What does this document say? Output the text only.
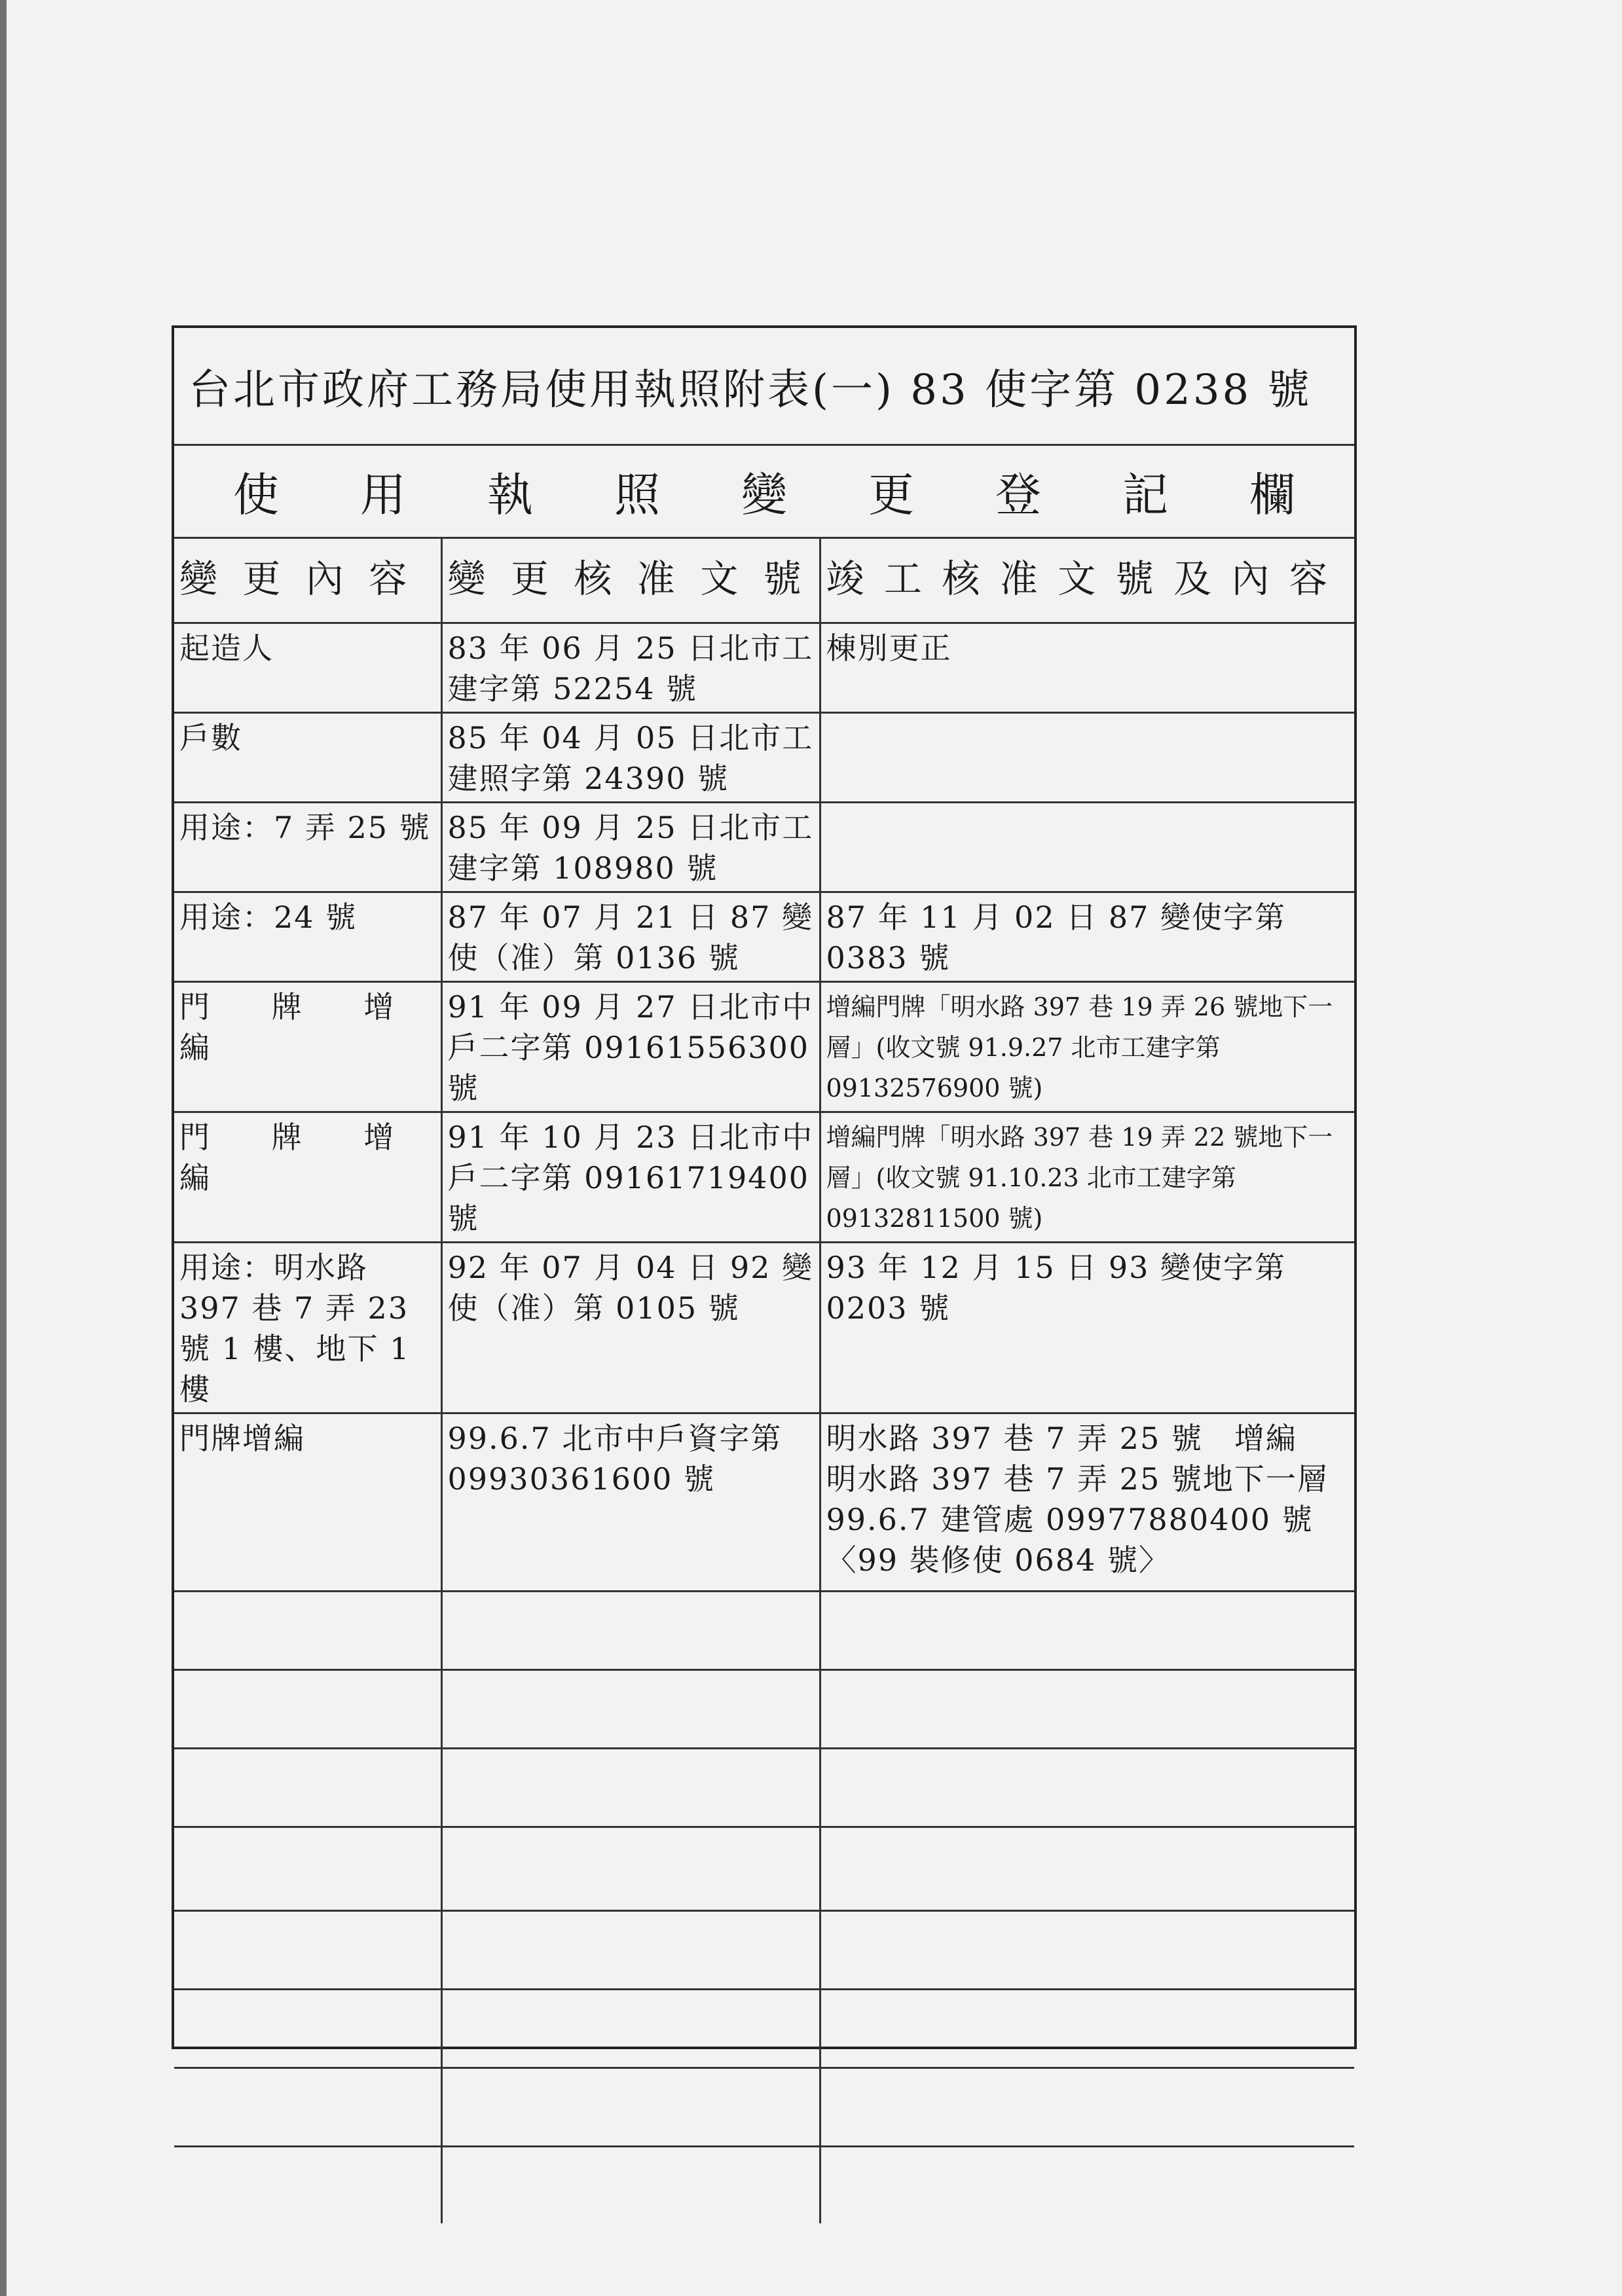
台北市政府工務局使用執照附表(一) 83 使字第 0238 號
使 用 執 照 變 更 登 記 欄
變 更 內 容	變 更 核 准 文 號	竣 工 核 准 文 號 及 內 容
起造人	83 年 06 月 25 日北市工建字第 52254 號	棟別更正
戶數	85 年 04 月 05 日北市工建照字第 24390 號	
用途：7 弄 25 號	85 年 09 月 25 日北市工建字第 108980 號	
用途：24 號	87 年 07 月 21 日 87 變使（准）第 0136 號	87 年 11 月 02 日 87 變使字第 0383 號

門 牌 增 編	91 年 09 月 27 日北市中戶二字第 09161556300 號	增編門牌「明水路 397 巷 19 弄 26 號地下一層」(收文號 91.9.27 北市工建字第 09132576900 號)

門 牌 增 編	91 年 10 月 23 日北市中戶二字第 09161719400 號	增編門牌「明水路 397 巷 19 弄 22 號地下一層」(收文號 91.10.23 北市工建字第 09132811500 號)
用途：明水路 397 巷 7 弄 23 號 1 樓、地下 1 樓	92 年 07 月 04 日 92 變使（准）第 0105 號	93 年 12 月 15 日 93 變使字第 0203 號
門牌增編	99.6.7 北市中戶資字第 09930361600 號	明水路 397 巷 7 弄 25 號　增編
明水路 397 巷 7 弄 25 號地下一層
99.6.7 建管處 09977880400 號〈99 裝修使 0684 號〉
